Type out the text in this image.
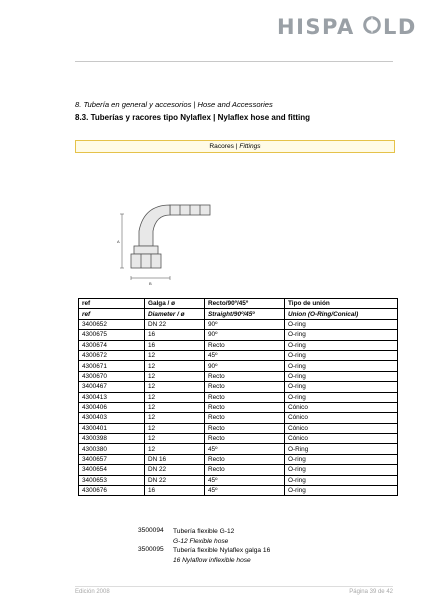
HISPA LD
8. Tubería en general y accesorios | Hose and Accessories
8.3. Tuberías y racores tipo Nylaflex | Nylaflex hose and fitting
Racores | Fittings
A
B
ref	Galga / ø	Recto/90º/45º	Tipo de unión
ref	Diameter / ø	Straight/90º/45º	Union (O-Ring/Conical)
3400652	DN 22	90º	O-ring
4300675	16	90º	O-ring
4300674	16	Recto	O-ring
4300672	12	45º	O-ring
4300671	12	90º	O-ring
4300670	12	Recto	O-ring
3400467	12	Recto	O-ring
4300413	12	Recto	O-ring
4300406	12	Recto	Cónico
4300403	12	Recto	Cónico
4300401	12	Recto	Cónico
4300398	12	Recto	Cónico
4300380	12	45º	O-Ring
3400657	DN 16	Recto	O-ring
3400654	DN 22	Recto	O-ring
3400653	DN 22	45º	O-ring
4300676	16	45º	O-ring
3500094	Tubería flexible G-12
G-12 Flexible hose
3500095	Tubería flexible Nylaflex galga 16
16 Nylaflow inflexible hose
Edición 2008	Página 39 de 42
